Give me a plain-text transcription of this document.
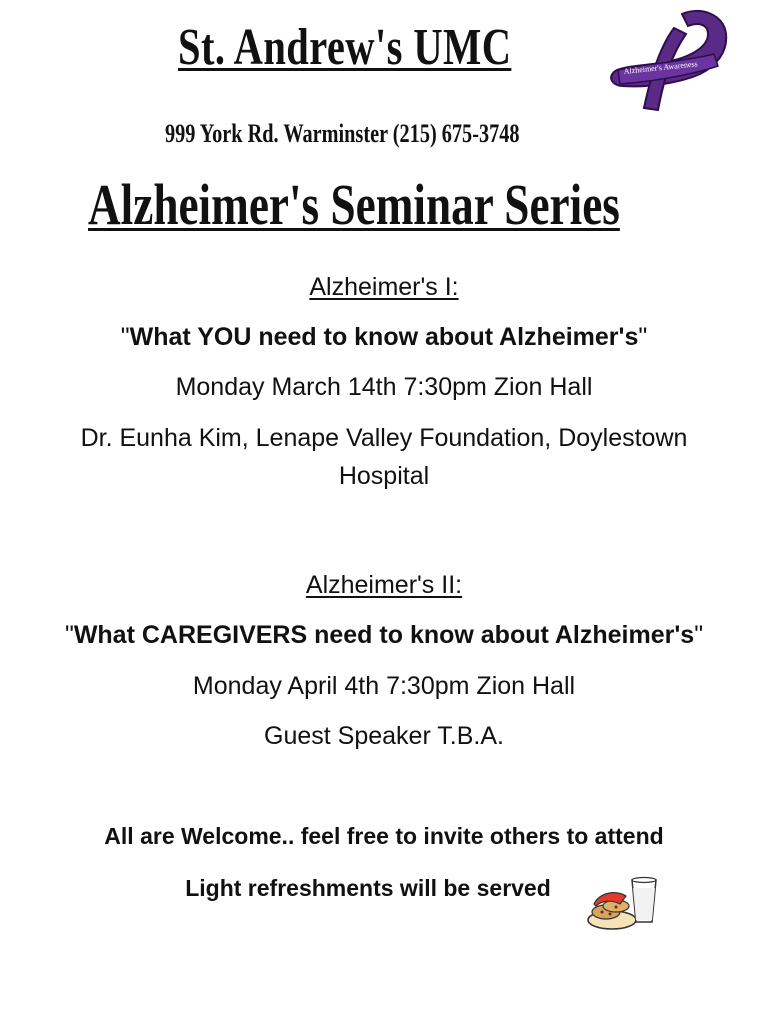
St. Andrew's UMC	Alzheimer's Awareness
999 York Rd. Warminster (215) 675-3748
Alzheimer's Seminar Series
Alzheimer's I:
"What YOU need to know about Alzheimer's"
Monday March 14th 7:30pm Zion Hall
Dr. Eunha Kim, Lenape Valley Foundation, Doylestown Hospital
Alzheimer's II:
"What CAREGIVERS need to know about Alzheimer's"
Monday April 4th 7:30pm Zion Hall
Guest Speaker T.B.A.
All are Welcome.. feel free to invite others to attend
Light refreshments will be served
